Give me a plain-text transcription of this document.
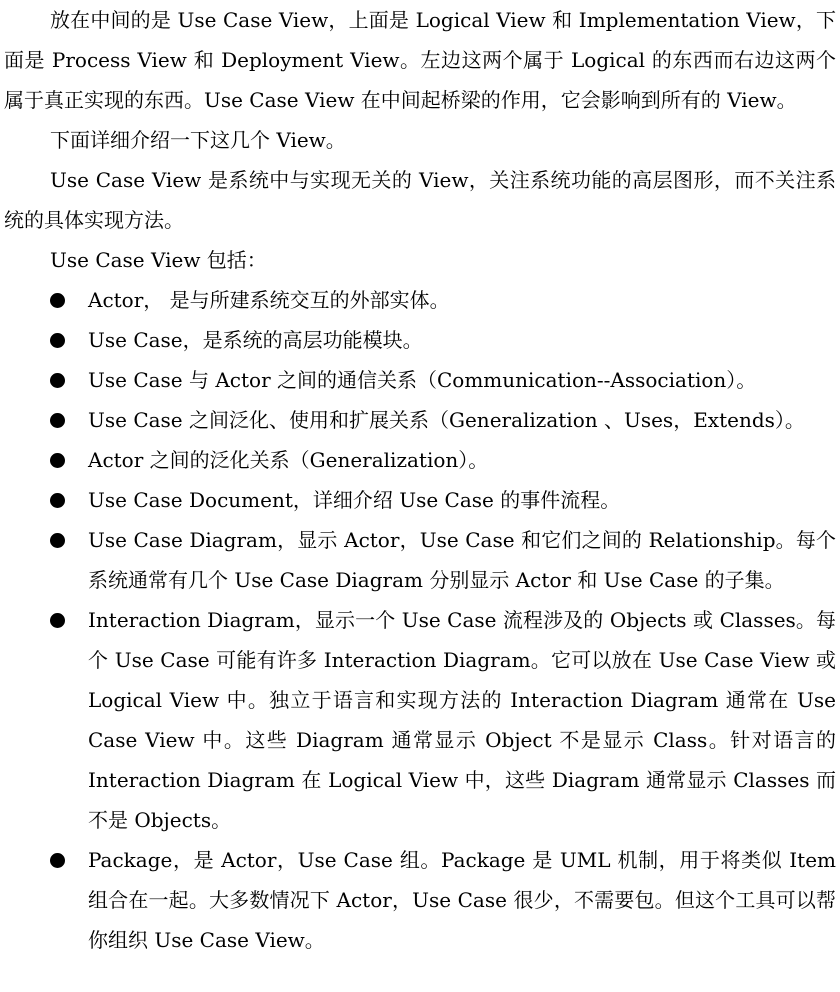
放在中间的是 Use Case View，上面是 Logical View 和 Implementation View，下面是 Process View 和 Deployment View。左边这两个属于 Logical 的东西而右边这两个属于真正实现的东西。Use Case View 在中间起桥梁的作用，它会影响到所有的 View。

下面详细介绍一下这几个 View。

Use Case View 是系统中与实现无关的 View，关注系统功能的高层图形，而不关注系统的具体实现方法。

Use Case View 包括：

Actor， 是与所建系统交互的外部实体。
Use Case，是系统的高层功能模块。
Use Case 与 Actor 之间的通信关系（Communication--Association）。
Use Case 之间泛化、使用和扩展关系（Generalization 、Uses，Extends）。
Actor 之间的泛化关系（Generalization）。
Use Case Document，详细介绍 Use Case 的事件流程。
Use Case Diagram，显示 Actor，Use Case 和它们之间的 Relationship。每个系统通常有几个 Use Case Diagram 分别显示 Actor 和 Use Case 的子集。
Interaction Diagram，显示一个 Use Case 流程涉及的 Objects 或 Classes。每个 Use Case 可能有许多 Interaction Diagram。它可以放在 Use Case View 或 Logical View 中。独立于语言和实现方法的 Interaction Diagram 通常在 Use Case View 中。这些 Diagram 通常显示 Object 不是显示 Class。针对语言的 Interaction Diagram 在 Logical View 中，这些 Diagram 通常显示 Classes 而不是 Objects。
Package，是 Actor，Use Case 组。Package 是 UML 机制，用于将类似 Item 组合在一起。大多数情况下 Actor，Use Case 很少，不需要包。但这个工具可以帮你组织 Use Case View。
